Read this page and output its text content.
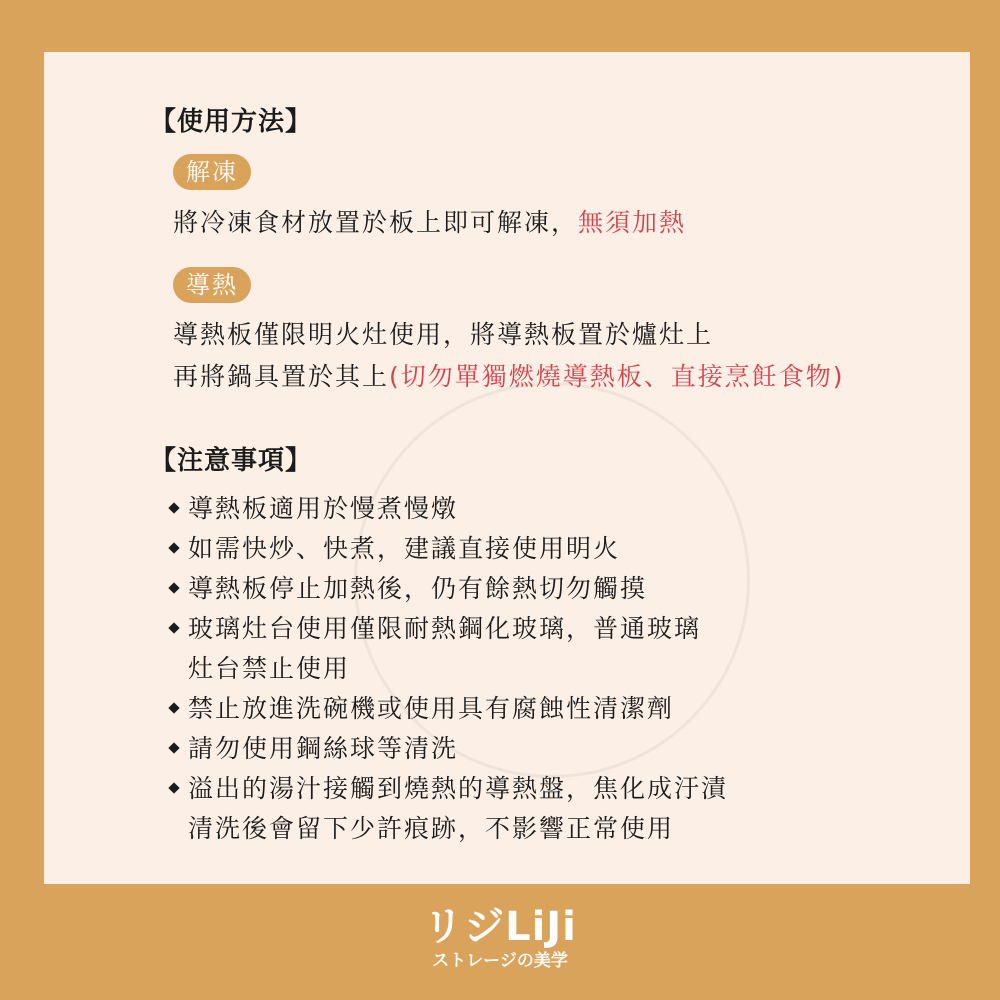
【使用方法】
解凍
將冷凍食材放置於板上即可解凍，無須加熱
導熱
導熱板僅限明火灶使用，將導熱板置於爐灶上
再將鍋具置於其上(切勿單獨燃燒導熱板、直接烹飪食物)
【注意事項】
導熱板適用於慢煮慢燉
如需快炒、快煮，建議直接使用明火
導熱板停止加熱後，仍有餘熱切勿觸摸
玻璃灶台使用僅限耐熱鋼化玻璃，普通玻璃
灶台禁止使用
禁止放進洗碗機或使用具有腐蝕性清潔劑
請勿使用鋼絲球等清洗
溢出的湯汁接觸到燒熱的導熱盤，焦化成汙漬
清洗後會留下少許痕跡，不影響正常使用
リジLiJi
ストレージの美学
